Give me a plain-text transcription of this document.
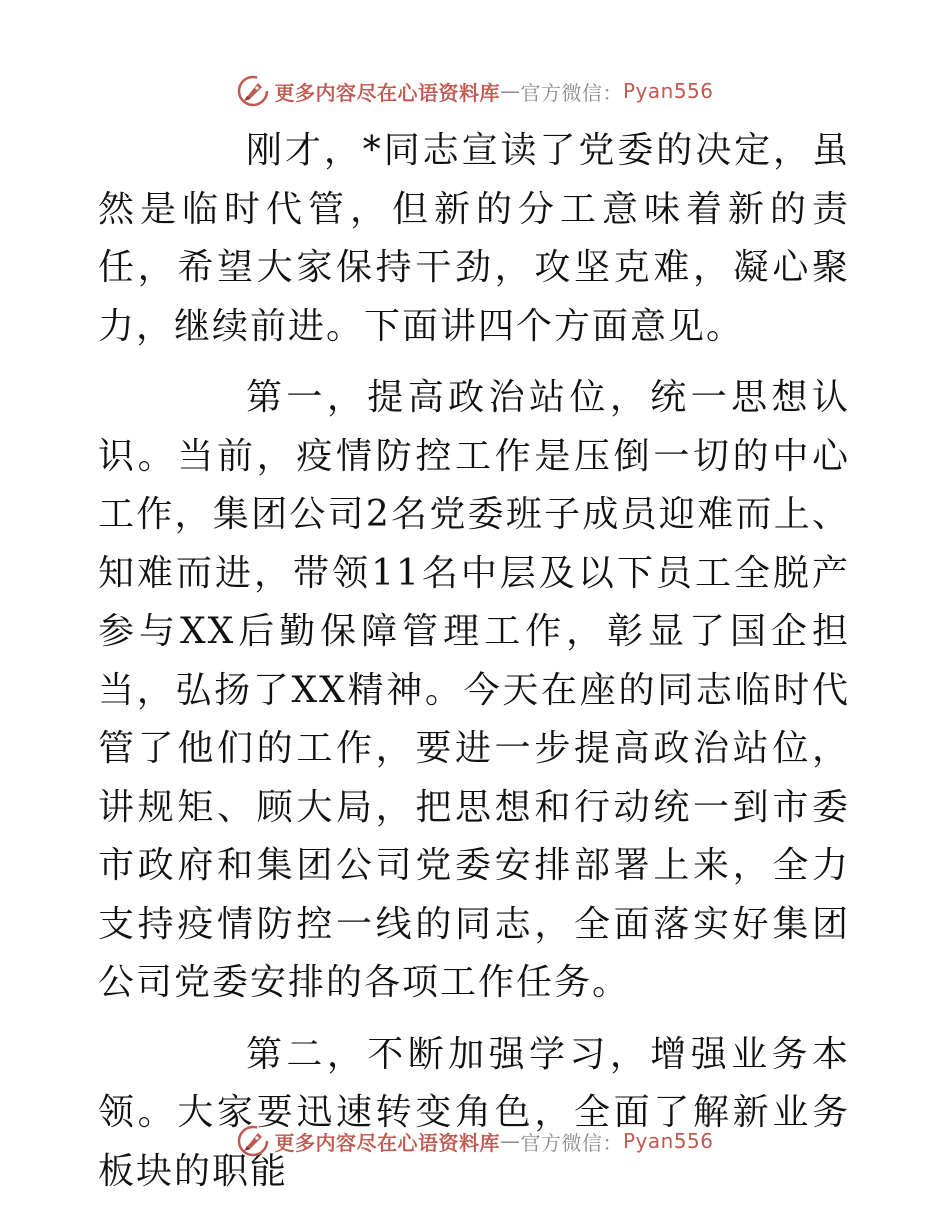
更多内容尽在心语资料库 — 官方微信： Pyan556

刚才，*同志宣读了党委的决定，虽然是临时代管，但新的分工意味着新的责任，希望大家保持干劲，攻坚克难，凝心聚力，继续前进。下面讲四个方面意见。

第一，提高政治站位，统一思想认识。当前，疫情防控工作是压倒一切的中心工作，集团公司2名党委班子成员迎难而上、知难而进，带领11名中层及以下员工全脱产参与XX后勤保障管理工作，彰显了国企担当，弘扬了XX精神。今天在座的同志临时代管了他们的工作，要进一步提高政治站位，讲规矩、顾大局，把思想和行动统一到市委市政府和集团公司党委安排部署上来，全力支持疫情防控一线的同志，全面落实好集团公司党委安排的各项工作任务。

第二，不断加强学习，增强业务本领。大家要迅速转变角色，全面了解新业务板块的职能

更多内容尽在心语资料库 — 官方微信： Pyan556
